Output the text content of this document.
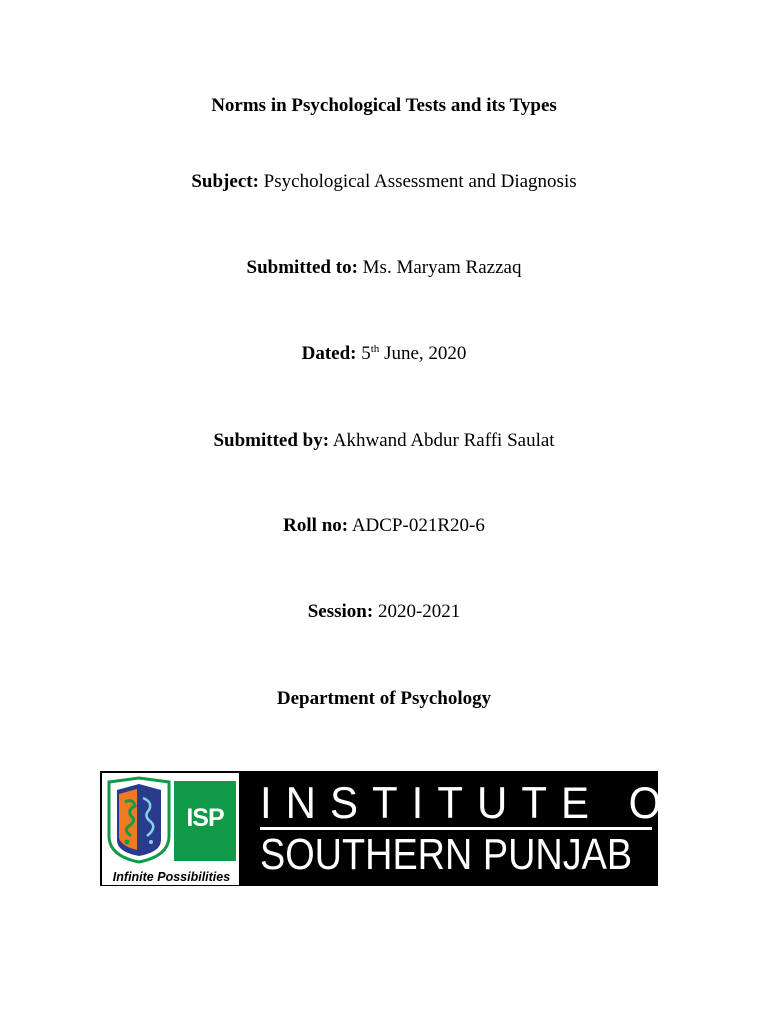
Norms in Psychological Tests and its Types
Subject: Psychological Assessment and Diagnosis
Submitted to: Ms. Maryam Razzaq
Dated: 5th June, 2020
Submitted by: Akhwand Abdur Raffi Saulat
Roll no: ADCP-021R20-6
Session: 2020-2021
Department of Psychology
ISP
Infinite Possibilities
INSTITUTE OF
SOUTHERN PUNJAB
